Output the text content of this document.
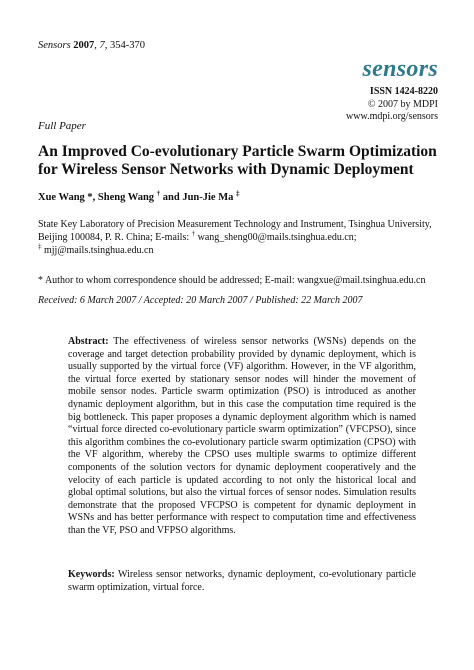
Sensors 2007, 7, 354-370
sensors
ISSN 1424-8220
© 2007 by MDPI
www.mdpi.org/sensors
Full Paper
An Improved Co-evolutionary Particle Swarm Optimization for Wireless Sensor Networks with Dynamic Deployment
Xue Wang *, Sheng Wang † and Jun-Jie Ma ‡
State Key Laboratory of Precision Measurement Technology and Instrument, Tsinghua University,
Beijing 100084, P. R. China; E-mails: † wang_sheng00@mails.tsinghua.edu.cn;
‡ mjj@mails.tsinghua.edu.cn
* Author to whom correspondence should be addressed; E-mail: wangxue@mail.tsinghua.edu.cn
Received: 6 March 2007 / Accepted: 20 March 2007 / Published: 22 March 2007
Abstract: The effectiveness of wireless sensor networks (WSNs) depends on the coverage and target detection probability provided by dynamic deployment, which is usually supported by the virtual force (VF) algorithm. However, in the VF algorithm, the virtual force exerted by stationary sensor nodes will hinder the movement of mobile sensor nodes. Particle swarm optimization (PSO) is introduced as another dynamic deployment algorithm, but in this case the computation time required is the big bottleneck. This paper proposes a dynamic deployment algorithm which is named “virtual force directed co-evolutionary particle swarm optimization” (VFCPSO), since this algorithm combines the co-evolutionary particle swarm optimization (CPSO) with the VF algorithm, whereby the CPSO uses multiple swarms to optimize different components of the solution vectors for dynamic deployment cooperatively and the velocity of each particle is updated according to not only the historical local and global optimal solutions, but also the virtual forces of sensor nodes. Simulation results demonstrate that the proposed VFCPSO is competent for dynamic deployment in WSNs and has better performance with respect to computation time and effectiveness than the VF, PSO and VFPSO algorithms.
Keywords: Wireless sensor networks, dynamic deployment, co-evolutionary particle swarm optimization, virtual force.
